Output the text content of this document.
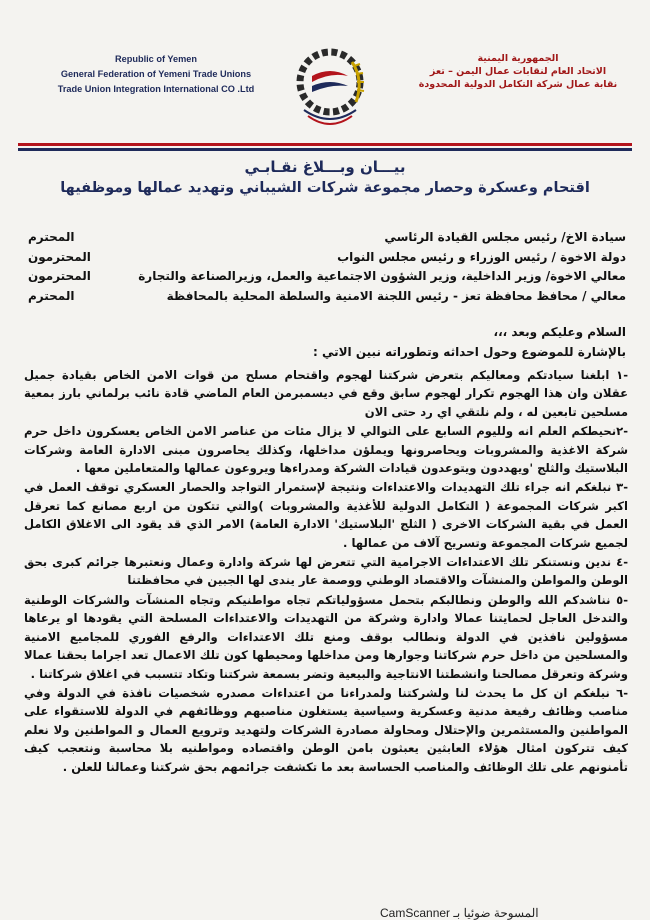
Republic of Yemen
General Federation of Yemeni Trade Unions
Trade Union Integration International CO .Ltd
الجمهورية اليمنية
الاتحاد العام لنقابات عمال اليمن – تعز
نقابة عمال شركة التكامل الدولية المحدودة
بيـــان وبـــلاغ نقـابـي
اقتحام وعسكرة وحصار مجموعة شركات الشيباني وتهديد عمالها وموظفيها
سيادة الاخ/ رئيس مجلس القيادة الرئاسي
المحترم
دولة الاخوة / رئيس الوزراء و رئيس مجلس النواب
المحترمون
معالي الاخوة/ وزير الداخلية، وزير الشؤون الاجتماعية والعمل، وزيرالصناعة والتجارة
المحترمون
معالي / محافظ محافظة تعز - رئيس اللجنة الامنية والسلطة المحلية بالمحافظة
المحترم
السلام وعليكم وبعد ،،،
بالإشارة للموضوع وحول احداثه وتطوراته نبين الاتي :

-١ ابلغنا سيادتكم ومعاليكم بتعرض شركتنا لهجوم واقتحام مسلح من قوات الامن الخاص بقيادة جميل عقلان وان هذا الهجوم تكرار لهجوم سابق وقع في ديسمبرمن العام الماضي قادة نائب برلماني بارز بمعية مسلحين تابعين له ، ولم نلتقي اي رد حتى الان

-٢نحيطكم العلم انه ولليوم السابع على التوالي لا يزال مئات من عناصر الامن الخاص يعسكرون داخل حرم شركة الاغذية والمشروبات ويحاصرونها ويملؤن مداخلها، وكذلك يحاصرون مبنى الادارة العامة وشركات البلاستيك والثلج 'ويهددون ويتوعدون قيادات الشركة ومدراءها ويروعون عمالها والمتعاملين معها .

-٣ نبلغكم انه جراء تلك التهديدات والاعتداءات ونتيجة لإستمرار التواجد والحصار العسكري توقف العمل في اكبر شركات المجموعة ( التكامل الدولية للأغذية والمشروبات )والتي تتكون من اربع مصانع كما تعرقل العمل في بقية الشركات الاخرى ( الثلج 'البلاستيك' الادارة العامة) الامر الذي قد يقود الى الاغلاق الكامل لجميع شركات المجموعة وتسريح آلاف من عمالها .

-٤ ندين ونستنكر تلك الاعتداءات الاجرامية التي تتعرض لها شركة وادارة وعمال ونعتبرها جرائم كبرى بحق الوطن والمواطن والمنشآت والاقتصاد الوطني ووصمة عار يندى لها الجبين في محافظتنا

-٥ نناشدكم الله والوطن ونطالبكم بتحمل مسؤولياتكم تجاه مواطنيكم وتجاه المنشآت والشركات الوطنية والتدخل العاجل لحمايتنا عمالا وادارة وشركة من التهديدات والاعتداءات المسلحة التي يقودها او يرعاها مسؤولين نافذين في الدولة ونطالب بوقف ومنع تلك الاعتداءات والرفع الفوري للمجاميع الامنية والمسلحين من داخل حرم شركاتنا وجوارها ومن مداخلها ومحيطها كون تلك الاعمال تعد اجراما بحقنا عمالا وشركة وتعرقل مصالحنا وانشطتنا الانتاجية والبيعية وتضر بسمعة شركتنا وتكاد تتسبب في اغلاق شركاتنا .

-٦ نبلغكم ان كل ما يحدث لنا ولشركتنا ولمدراءنا من اعتداءات مصدره شخصيات نافذة في الدولة وفي مناصب وظائف رفيعة مدنية وعسكرية وسياسية يستغلون مناصبهم ووظائفهم في الدولة للاستقواء على المواطنين والمستثمرين والإحتلال ومحاولة مصادرة الشركات ولتهديد وترويع العمال و المواطنين ولا نعلم كيف تتركون امثال هؤلاء العابثين يعبثون بامن الوطن واقتصاده ومواطنيه بلا محاسبة ونتعجب كيف تأمنونهم على تلك الوظائف والمناصب الحساسة بعد ما تكشفت جرائمهم بحق شركتنا وعمالنا للعلن .

CamScanner المسوحة ضوئيا بـ
